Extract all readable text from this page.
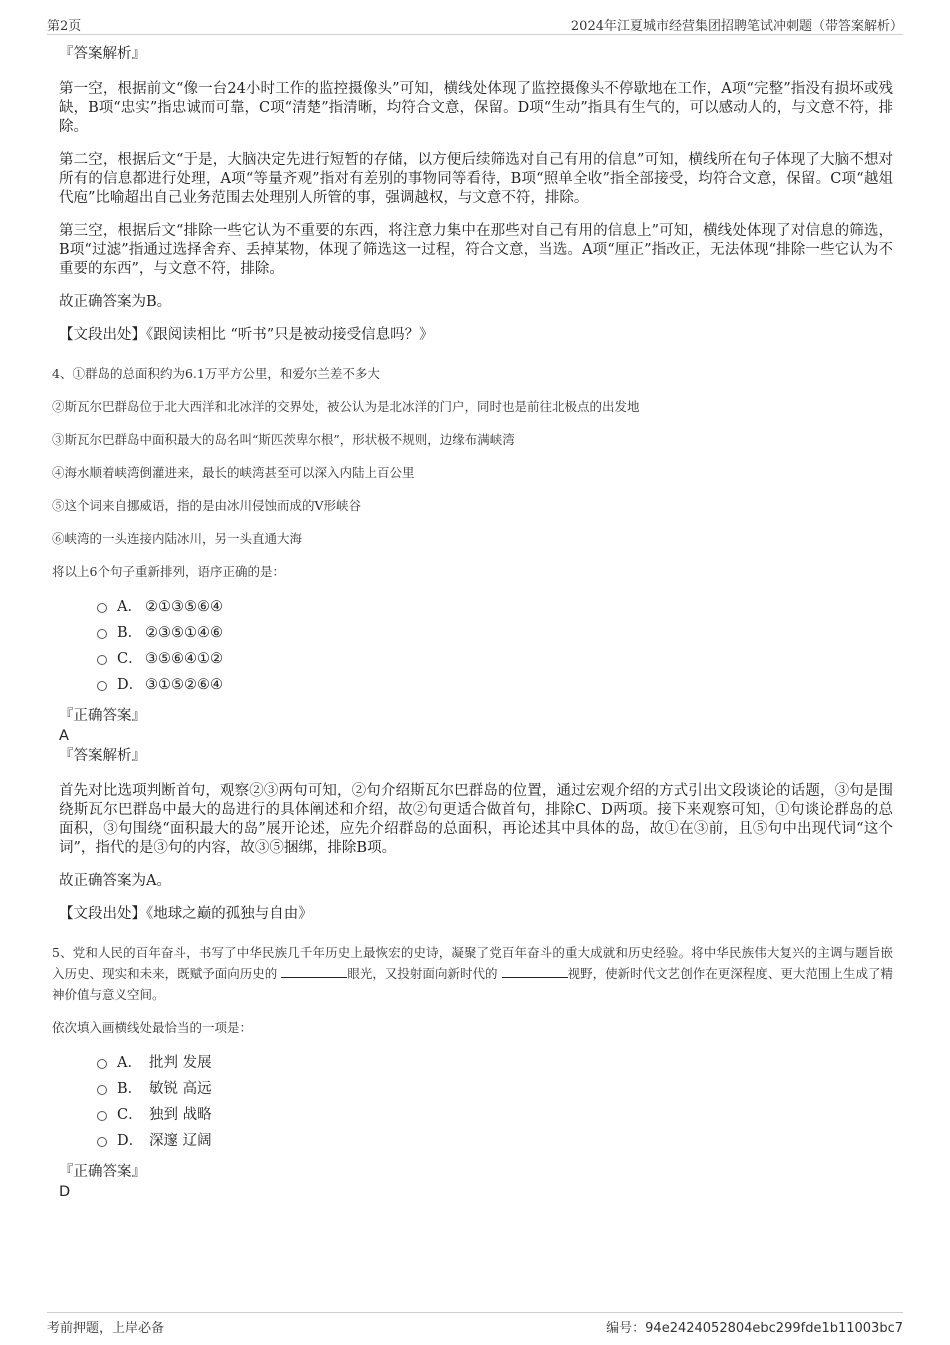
第2页	2024年江夏城市经营集团招聘笔试冲刺题（带答案解析）
『答案解析』

第一空，根据前文“像一台24小时工作的监控摄像头”可知，横线处体现了监控摄像头不停歇地在工作，A项“完整”指没有损坏或残缺，B项“忠实”指忠诚而可靠，C项“清楚”指清晰，均符合文意，保留。D项“生动”指具有生气的，可以感动人的，与文意不符，排除。

第二空，根据后文“于是，大脑决定先进行短暂的存储，以方便后续筛选对自己有用的信息”可知，横线所在句子体现了大脑不想对所有的信息都进行处理，A项“等量齐观”指对有差别的事物同等看待，B项“照单全收”指全部接受，均符合文意，保留。C项“越俎代庖”比喻超出自己业务范围去处理别人所管的事，强调越权，与文意不符，排除。

第三空，根据后文“排除一些它认为不重要的东西，将注意力集中在那些对自己有用的信息上”可知，横线处体现了对信息的筛选，B项“过滤”指通过选择舍弃、丢掉某物，体现了筛选这一过程，符合文意，当选。A项“厘正”指改正，无法体现“排除一些它认为不重要的东西”，与文意不符，排除。

故正确答案为B。

【文段出处】《跟阅读相比 “听书”只是被动接受信息吗？》

4、①群岛的总面积约为6.1万平方公里，和爱尔兰差不多大

②斯瓦尔巴群岛位于北大西洋和北冰洋的交界处，被公认为是北冰洋的门户，同时也是前往北极点的出发地

③斯瓦尔巴群岛中面积最大的岛名叫“斯匹茨卑尔根”，形状极不规则，边缘布满峡湾

④海水顺着峡湾倒灌进来，最长的峡湾甚至可以深入内陆上百公里

⑤这个词来自挪威语，指的是由冰川侵蚀而成的V形峡谷

⑥峡湾的一头连接内陆冰川，另一头直通大海

将以上6个句子重新排列，语序正确的是：

A． ②①③⑤⑥④
B． ②③⑤①④⑥
C． ③⑤⑥④①②
D． ③①⑤②⑥④
『正确答案』
A
『答案解析』

首先对比选项判断首句，观察②③两句可知，②句介绍斯瓦尔巴群岛的位置，通过宏观介绍的方式引出文段谈论的话题，③句是围绕斯瓦尔巴群岛中最大的岛进行的具体阐述和介绍，故②句更适合做首句，排除C、D两项。接下来观察可知，①句谈论群岛的总面积，③句围绕“面积最大的岛”展开论述，应先介绍群岛的总面积，再论述其中具体的岛，故①在③前，且⑤句中出现代词“这个词”，指代的是③句的内容，故③⑤捆绑，排除B项。

故正确答案为A。

【文段出处】《地球之巅的孤独与自由》

5、党和人民的百年奋斗，书写了中华民族几千年历史上最恢宏的史诗，凝聚了党百年奋斗的重大成就和历史经验。将中华民族伟大复兴的主调与题旨嵌入历史、现实和未来，既赋予面向历史的	眼光，又投射面向新时代的	视野，使新时代文艺创作在更深程度、更大范围上生成了精神价值与意义空间。

依次填入画横线处最恰当的一项是：

A． 批判 发展
B． 敏锐 高远
C． 独到 战略
D． 深邃 辽阔
『正确答案』
D
考前押题，上岸必备	编号：94e2424052804ebc299fde1b11003bc7
